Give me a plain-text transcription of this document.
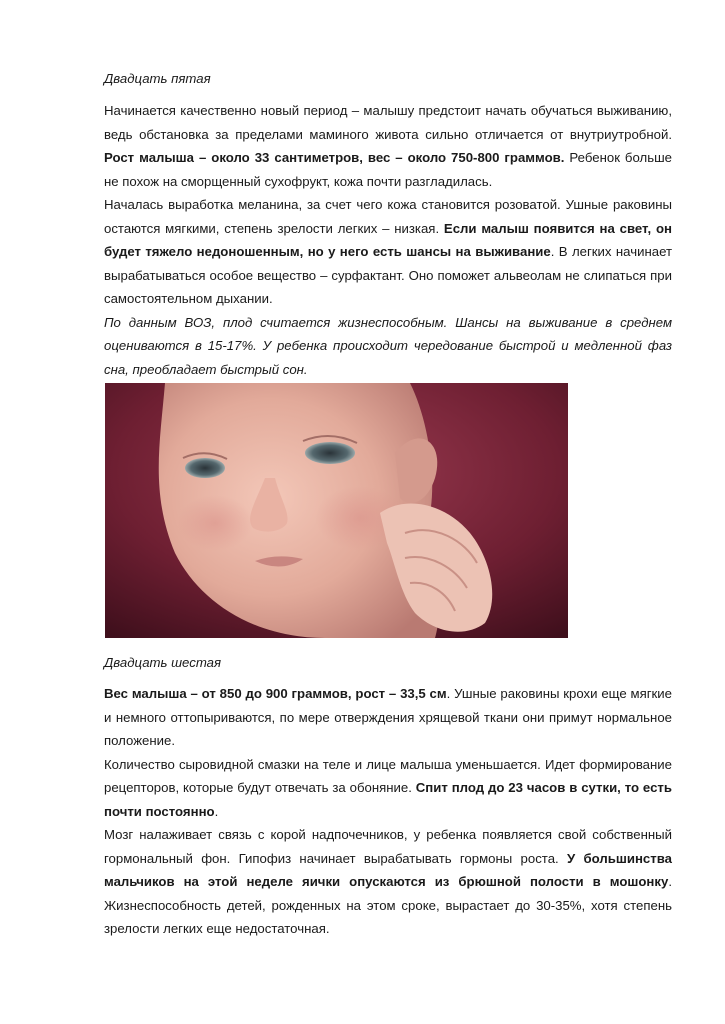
Двадцать пятая

Начинается качественно новый период – малышу предстоит начать обучаться выживанию, ведь обстановка за пределами маминого живота сильно отличается от внутриутробной. Рост малыша – около 33 сантиметров, вес – около 750-800 граммов. Ребенок больше не похож на сморщенный сухофрукт, кожа почти разгладилась.

Началась выработка меланина, за счет чего кожа становится розоватой. Ушные раковины остаются мягкими, степень зрелости легких – низкая. Если малыш появится на свет, он будет тяжело недоношенным, но у него есть шансы на выживание. В легких начинает вырабатываться особое вещество – сурфактант. Оно поможет альвеолам не слипаться при самостоятельном дыхании.

По данным ВОЗ, плод считается жизнеспособным. Шансы на выживание в среднем оцениваются в 15-17%. У ребенка происходит чередование быстрой и медленной фаз сна, преобладает быстрый сон.

Двадцать шестая

Вес малыша – от 850 до 900 граммов, рост – 33,5 см. Ушные раковины крохи еще мягкие и немного оттопыриваются, по мере отверждения хрящевой ткани они примут нормальное положение.

Количество сыровидной смазки на теле и лице малыша уменьшается. Идет формирование рецепторов, которые будут отвечать за обоняние. Спит плод до 23 часов в сутки, то есть почти постоянно.

Мозг налаживает связь с корой надпочечников, у ребенка появляется свой собственный гормональный фон. Гипофиз начинает вырабатывать гормоны роста. У большинства мальчиков на этой неделе яички опускаются из брюшной полости в мошонку. Жизнеспособность детей, рожденных на этом сроке, вырастает до 30-35%, хотя степень зрелости легких еще недостаточная.
